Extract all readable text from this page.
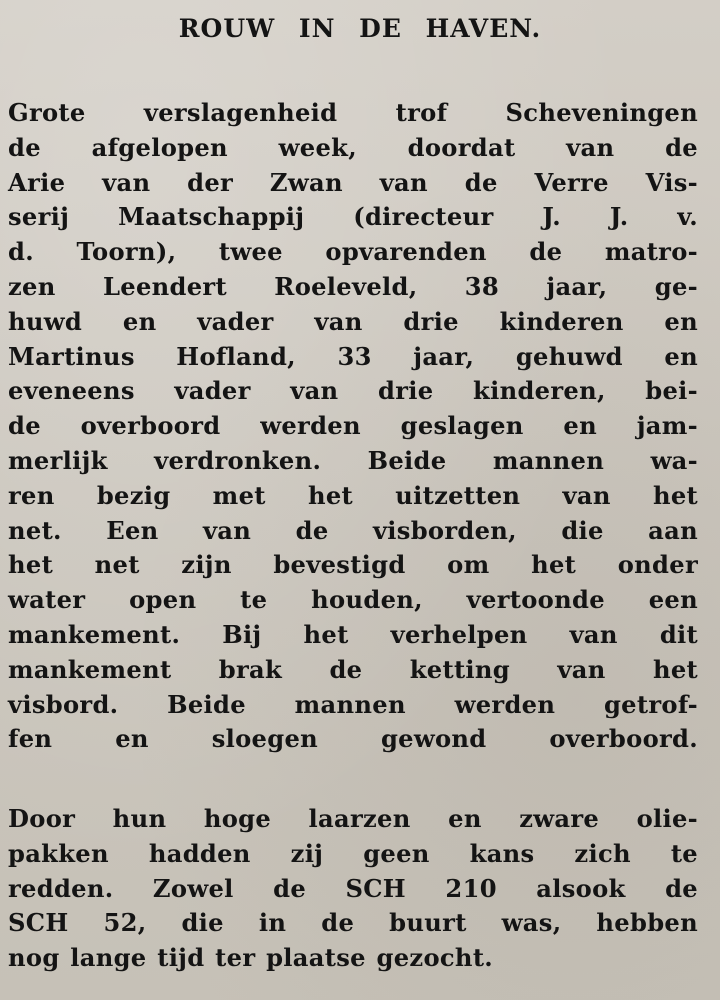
ROUW IN DE HAVEN.
Grote verslagenheid trof Scheveningen
de afgelopen week, doordat van de
Arie van der Zwan van de Verre Vis-
serij Maatschappij (directeur J. J. v.
d. Toorn), twee opvarenden de matro-
zen Leendert Roeleveld, 38 jaar, ge-
huwd en vader van drie kinderen en
Martinus Hofland, 33 jaar, gehuwd en
eveneens vader van drie kinderen, bei-
de overboord werden geslagen en jam-
merlijk verdronken. Beide mannen wa-
ren bezig met het uitzetten van het
net. Een van de visborden, die aan
het net zijn bevestigd om het onder
water open te houden, vertoonde een
mankement. Bij het verhelpen van dit
mankement brak de ketting van het
visbord. Beide mannen werden getrof-
fen en sloegen gewond overboord.
Door hun hoge laarzen en zware olie-
pakken hadden zij geen kans zich te
redden. Zowel de SCH 210 alsook de
SCH 52, die in de buurt was, hebben
nog lange tijd ter plaatse gezocht.
